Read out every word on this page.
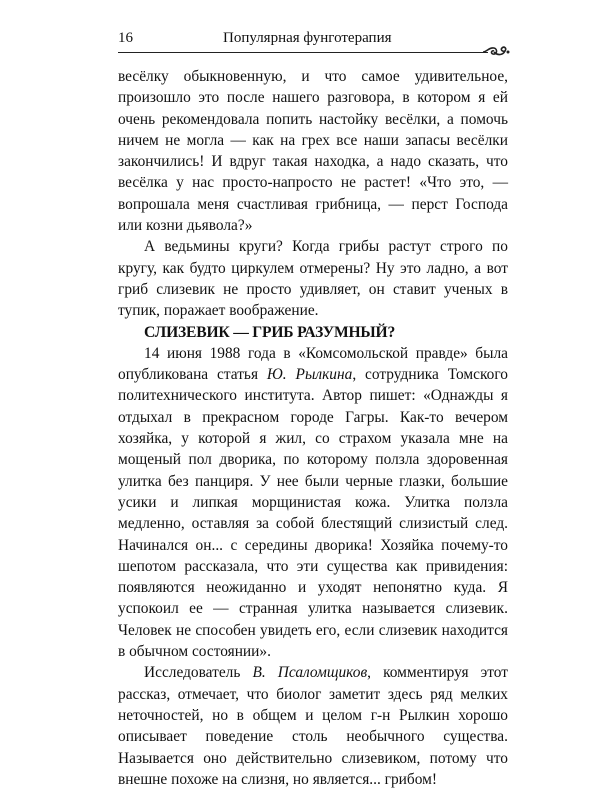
16	Популярная фунготерапия

весёлку обыкновенную, и что самое удивительное, произошло это после нашего разговора, в котором я ей очень рекомендовала попить настойку весёлки, а помочь ничем не могла — как на грех все наши запасы весёлки закончились! И вдруг такая находка, а надо сказать, что весёлка у нас просто-напросто не растет! «Что это, — вопрошала меня счастливая грибница, — перст Господа или козни дьявола?»

А ведьмины круги? Когда грибы растут строго по кругу, как будто циркулем отмерены? Ну это ладно, а вот гриб слизевик не просто удивляет, он ставит ученых в тупик, поражает воображение.

СЛИЗЕВИК — ГРИБ РАЗУМНЫЙ?

14 июня 1988 года в «Комсомольской правде» была опубликована статья Ю. Рылкина, сотрудника Томского политехнического института. Автор пишет: «Однажды я отдыхал в прекрасном городе Гагры. Как-то вечером хозяйка, у которой я жил, со страхом указала мне на мощеный пол дворика, по которому ползла здоровенная улитка без панциря. У нее были черные глазки, большие усики и липкая морщинистая кожа. Улитка ползла медленно, оставляя за собой блестящий слизистый след. Начинался он... с середины дворика! Хозяйка почему-то шепотом рассказала, что эти существа как привидения: появляются неожиданно и уходят непонятно куда. Я успокоил ее — странная улитка называется слизевик. Человек не способен увидеть его, если слизевик находится в обычном состоянии».

Исследователь В. Псаломщиков, комментируя этот рассказ, отмечает, что биолог заметит здесь ряд мелких неточностей, но в общем и целом г-н Рылкин хорошо описывает поведение столь необычного существа. Называется оно действительно слизевиком, потому что внешне похоже на слизня, но является... грибом!
